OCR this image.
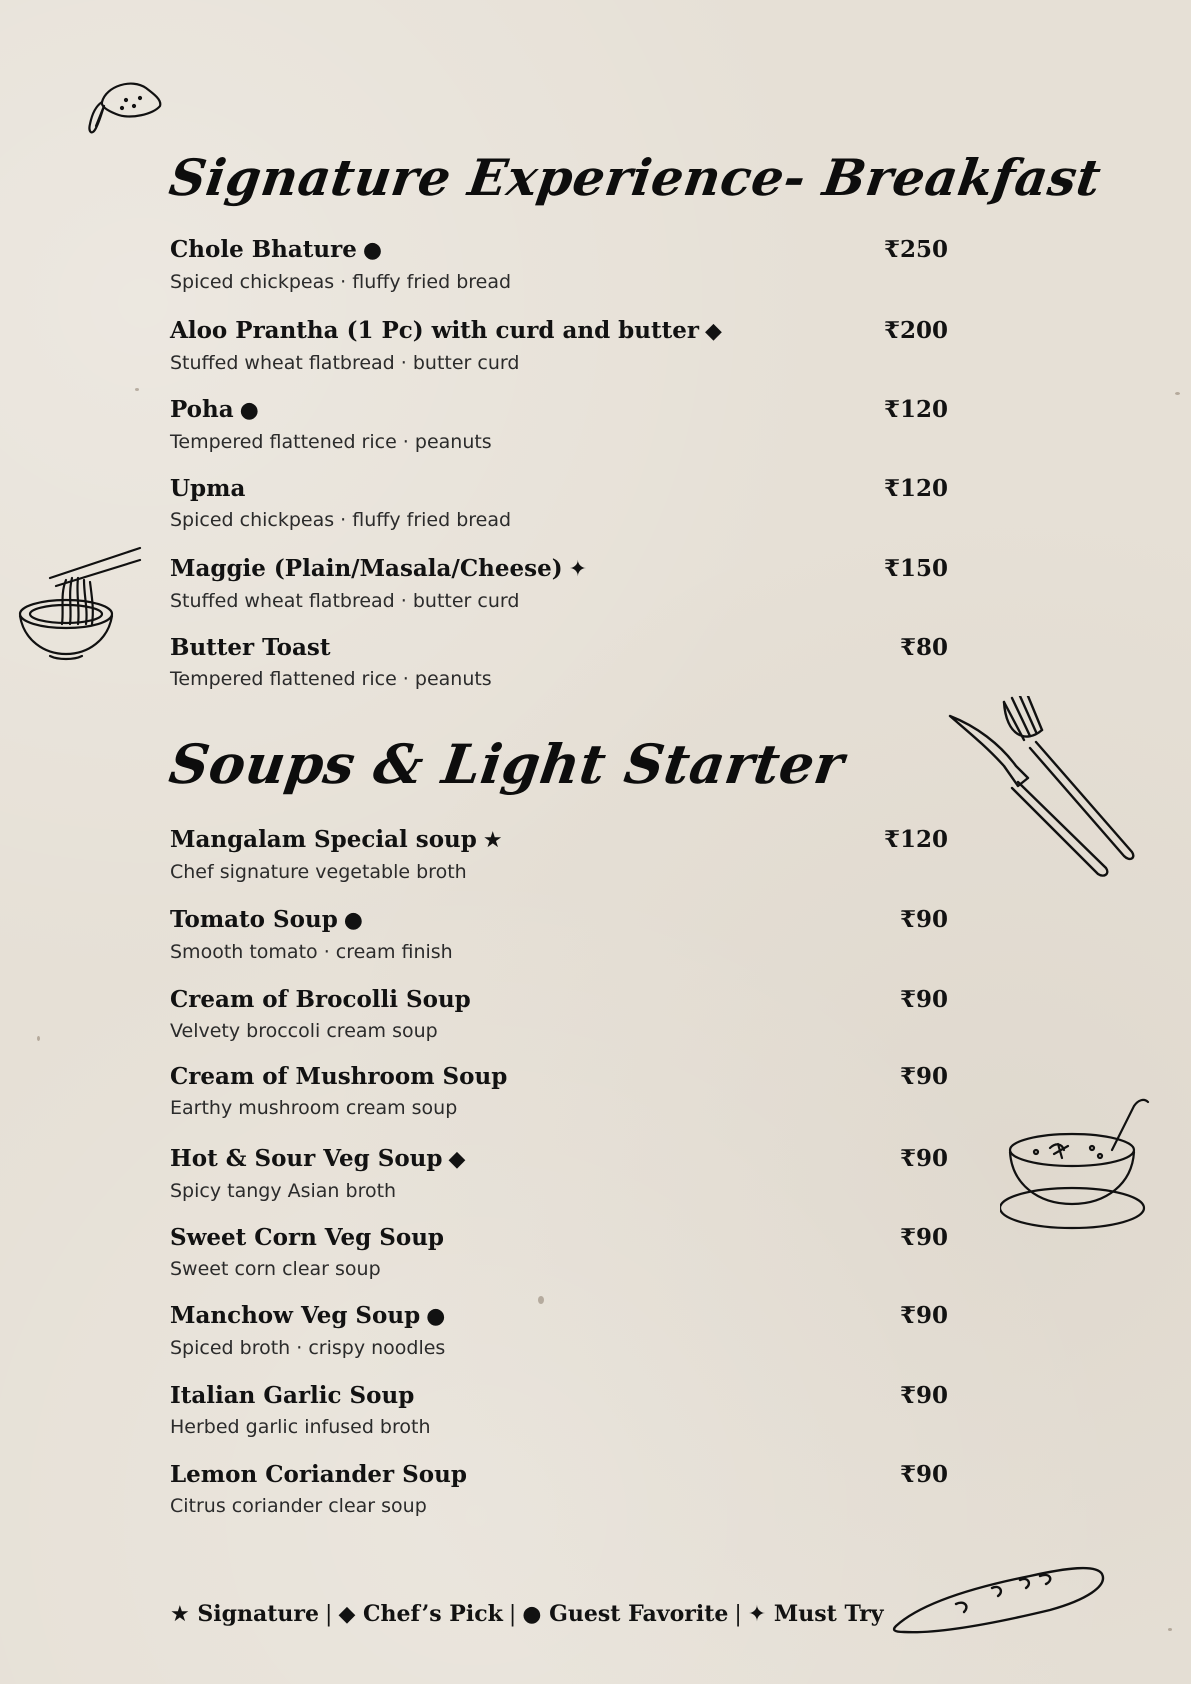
Signature Experience- Breakfast
Chole Bhature ●
Spiced chickpeas · fluffy fried bread
₹250
Aloo Prantha (1 Pc) with curd and butter ◆
Stuffed wheat flatbread · butter curd
₹200
Poha ●
Tempered flattened rice · peanuts
₹120
Upma
Spiced chickpeas · fluffy fried bread
₹120
Maggie (Plain/Masala/Cheese) ✦
Stuffed wheat flatbread · butter curd
₹150
Butter Toast
Tempered flattened rice · peanuts
₹80
Soups & Light Starter
Mangalam Special soup ★
Chef signature vegetable broth
₹120
Tomato Soup ●
Smooth tomato · cream finish
₹90
Cream of Brocolli Soup
Velvety broccoli cream soup
₹90
Cream of Mushroom Soup
Earthy mushroom cream soup
₹90
Hot & Sour Veg Soup ◆
Spicy tangy Asian broth
₹90
Sweet Corn Veg Soup
Sweet corn clear soup
₹90
Manchow Veg Soup ●
Spiced broth · crispy noodles
₹90
Italian Garlic Soup
Herbed garlic infused broth
₹90
Lemon Coriander Soup
Citrus coriander clear soup
₹90
★ Signature | ◆ Chef’s Pick | ● Guest Favorite | ✦ Must Try
